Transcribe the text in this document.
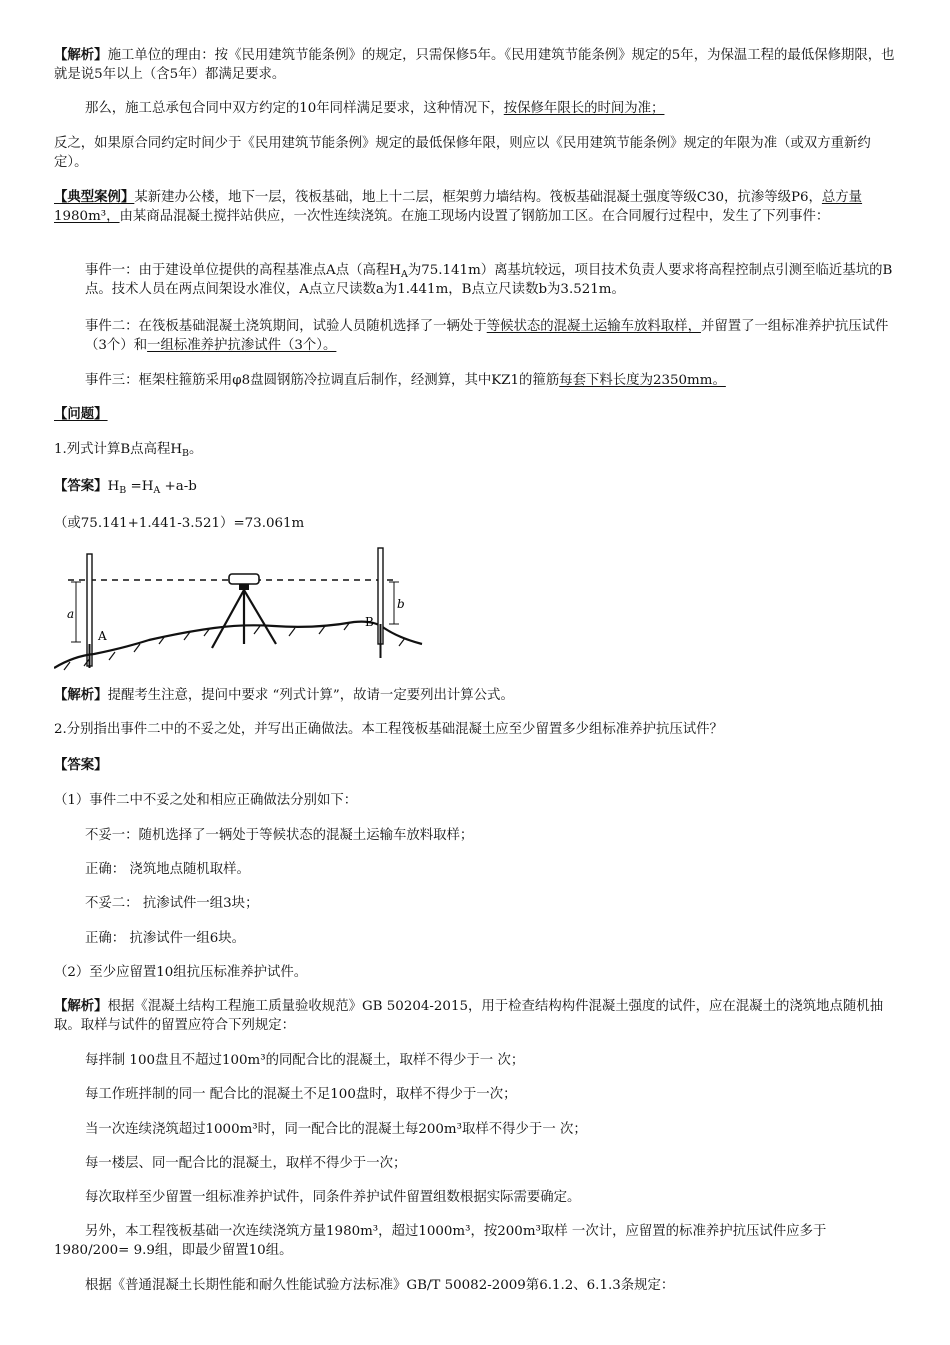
【解析】施工单位的理由：按《民用建筑节能条例》的规定，只需保修5年。《民用建筑节能条例》规定的5年，为保温工程的最低保修期限，也就是说5年以上（含5年）都满足要求。

那么，施工总承包合同中双方约定的10年同样满足要求，这种情况下，按保修年限长的时间为准；

反之，如果原合同约定时间少于《民用建筑节能条例》规定的最低保修年限，则应以《民用建筑节能条例》规定的年限为准（或双方重新约定）。

【典型案例】某新建办公楼，地下一层，筏板基础，地上十二层，框架剪力墙结构。筏板基础混凝土强度等级C30，抗渗等级P6，总方量1980m³，由某商品混凝土搅拌站供应，一次性连续浇筑。在施工现场内设置了钢筋加工区。在合同履行过程中，发生了下列事件：

事件一：由于建设单位提供的高程基准点A点（高程$H_A$为75.141m）离基坑较远，项目技术负责人要求将高程控制点引测至临近基坑的B点。技术人员在两点间架设水准仪，A点立尺读数a为1.441m，B点立尺读数b为3.521m。

事件二：在筏板基础混凝土浇筑期间，试验人员随机选择了一辆处于等候状态的混凝土运输车放料取样，并留置了一组标准养护抗压试件（3个）和一组标准养护抗渗试件（3个）。

事件三：框架柱箍筋采用φ8盘圆钢筋冷拉调直后制作，经测算，其中KZ1的箍筋每套下料长度为2350mm。

【问题】

1.列式计算B点高程$H_B$。

【答案】$H_B =H_A +a-b$

（或75.141+1.441-3.521）=73.061m

a
A
b
B

【解析】提醒考生注意，提问中要求 “列式计算”，故请一定要列出计算公式。

2.分别指出事件二中的不妥之处，并写出正确做法。本工程筏板基础混凝土应至少留置多少组标准养护抗压试件？

【答案】

（1）事件二中不妥之处和相应正确做法分别如下：

不妥一：随机选择了一辆处于等候状态的混凝土运输车放料取样；

正确： 浇筑地点随机取样。

不妥二： 抗渗试件一组3块；

正确： 抗渗试件一组6块。

（2）至少应留置10组抗压标准养护试件。

【解析】根据《混凝土结构工程施工质量验收规范》GB 50204-2015，用于检查结构构件混凝土强度的试件，应在混凝土的浇筑地点随机抽取。取样与试件的留置应符合下列规定：

每拌制 100盘且不超过100m³的同配合比的混凝土，取样不得少于一 次；

每工作班拌制的同一 配合比的混凝土不足100盘时，取样不得少于一次；

当一次连续浇筑超过1000m³时，同一配合比的混凝土每200m³取样不得少于一 次；

每一楼层、同一配合比的混凝土，取样不得少于一次；

每次取样至少留置一组标准养护试件，同条件养护试件留置组数根据实际需要确定。

另外，本工程筏板基础一次连续浇筑方量1980m³，超过1000m³，按200m³取样 一次计，应留置的标准养护抗压试件应多于1980/200= 9.9组，即最少留置10组。

根据《普通混凝土长期性能和耐久性能试验方法标准》GB/T 50082-2009第6.1.2、6.1.3条规定：
